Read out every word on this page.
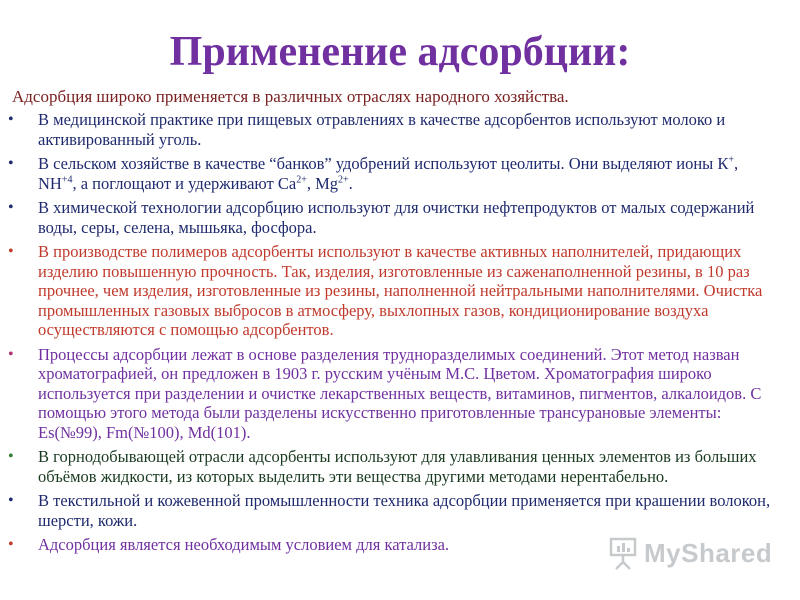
Применение адсорбции:

Адсорбция широко применяется в различных отраслях народного хозяйства.

• В медицинской практике при пищевых отравлениях в качестве адсорбентов используют молоко и активированный уголь.
• В сельском хозяйстве в качестве “банков” удобрений используют цеолиты. Они выделяют ионы К+, $NH^{+4}$, а поглощают и удерживают $Ca^{2+}$, $Mg^{2+}$.
• В химической технологии адсорбцию используют для очистки нефтепродуктов от малых содержаний воды, серы, селена, мышьяка, фосфора.
• В производстве полимеров адсорбенты используют в качестве активных наполнителей, придающих изделию повышенную прочность. Так, изделия, изготовленные из саженаполненной резины, в 10 раз прочнее, чем изделия, изготовленные из резины, наполненной нейтральными наполнителями. Очистка промышленных газовых выбросов в атмосферу, выхлопных газов, кондиционирование воздуха осуществляются с помощью адсорбентов.
• Процессы адсорбции лежат в основе разделения трудноразделимых соединений. Этот метод назван хроматографией, он предложен в 1903 г. русским учёным М.С. Цветом. Хроматография широко используется при разделении и очистке лекарственных веществ, витаминов, пигментов, алкалоидов. С помощью этого метода были разделены искусственно приготовленные трансурановые элементы: Es(№99), Fm(№100), Md(101).
• В горнодобывающей отрасли адсорбенты используют для улавливания ценных элементов из больших объёмов жидкости, из которых выделить эти вещества другими методами нерентабельно.
• В текстильной и кожевенной промышленности техника адсорбции применяется при крашении волокон, шерсти, кожи.
• Адсорбция является необходимым условием для катализа.	MyShared
